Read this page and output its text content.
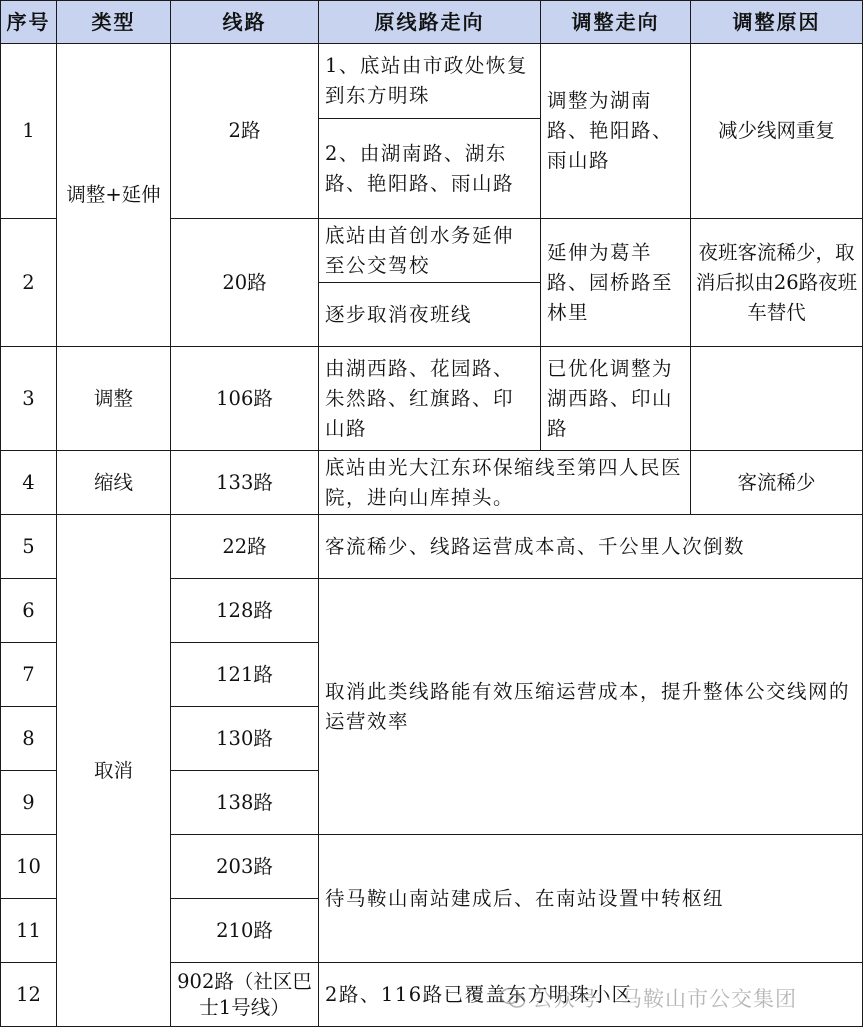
序号	类型	线路	原线路走向	调整走向	调整原因
1	调整+延伸	2路	1、底站由市政处恢复到东方明珠	调整为湖南路、艳阳路、雨山路	减少线网重复
			2、由湖南路、湖东路、艳阳路、雨山路		
2		20路	底站由首创水务延伸至公交驾校	延伸为葛羊路、园桥路至林里	夜班客流稀少，取消后拟由26路夜班车替代
			逐步取消夜班线		
3	调整	106路	由湖西路、花园路、朱然路、红旗路、印山路	已优化调整为湖西路、印山路	
4	缩线	133路	底站由光大江东环保缩线至第四人民医院，进向山库掉头。		客流稀少
5	取消	22路	客流稀少、线路运营成本高、千公里人次倒数		
6		128路	取消此类线路能有效压缩运营成本，提升整体公交线网的运营效率		
7		121路			
8		130路			
9		138路			
10		203路	待马鞍山南站建成后、在南站设置中转枢纽		
11		210路			
12		902路（社区巴士1号线）	2路、116路已覆盖东方明珠小区		
公众号 · 马鞍山市公交集团
